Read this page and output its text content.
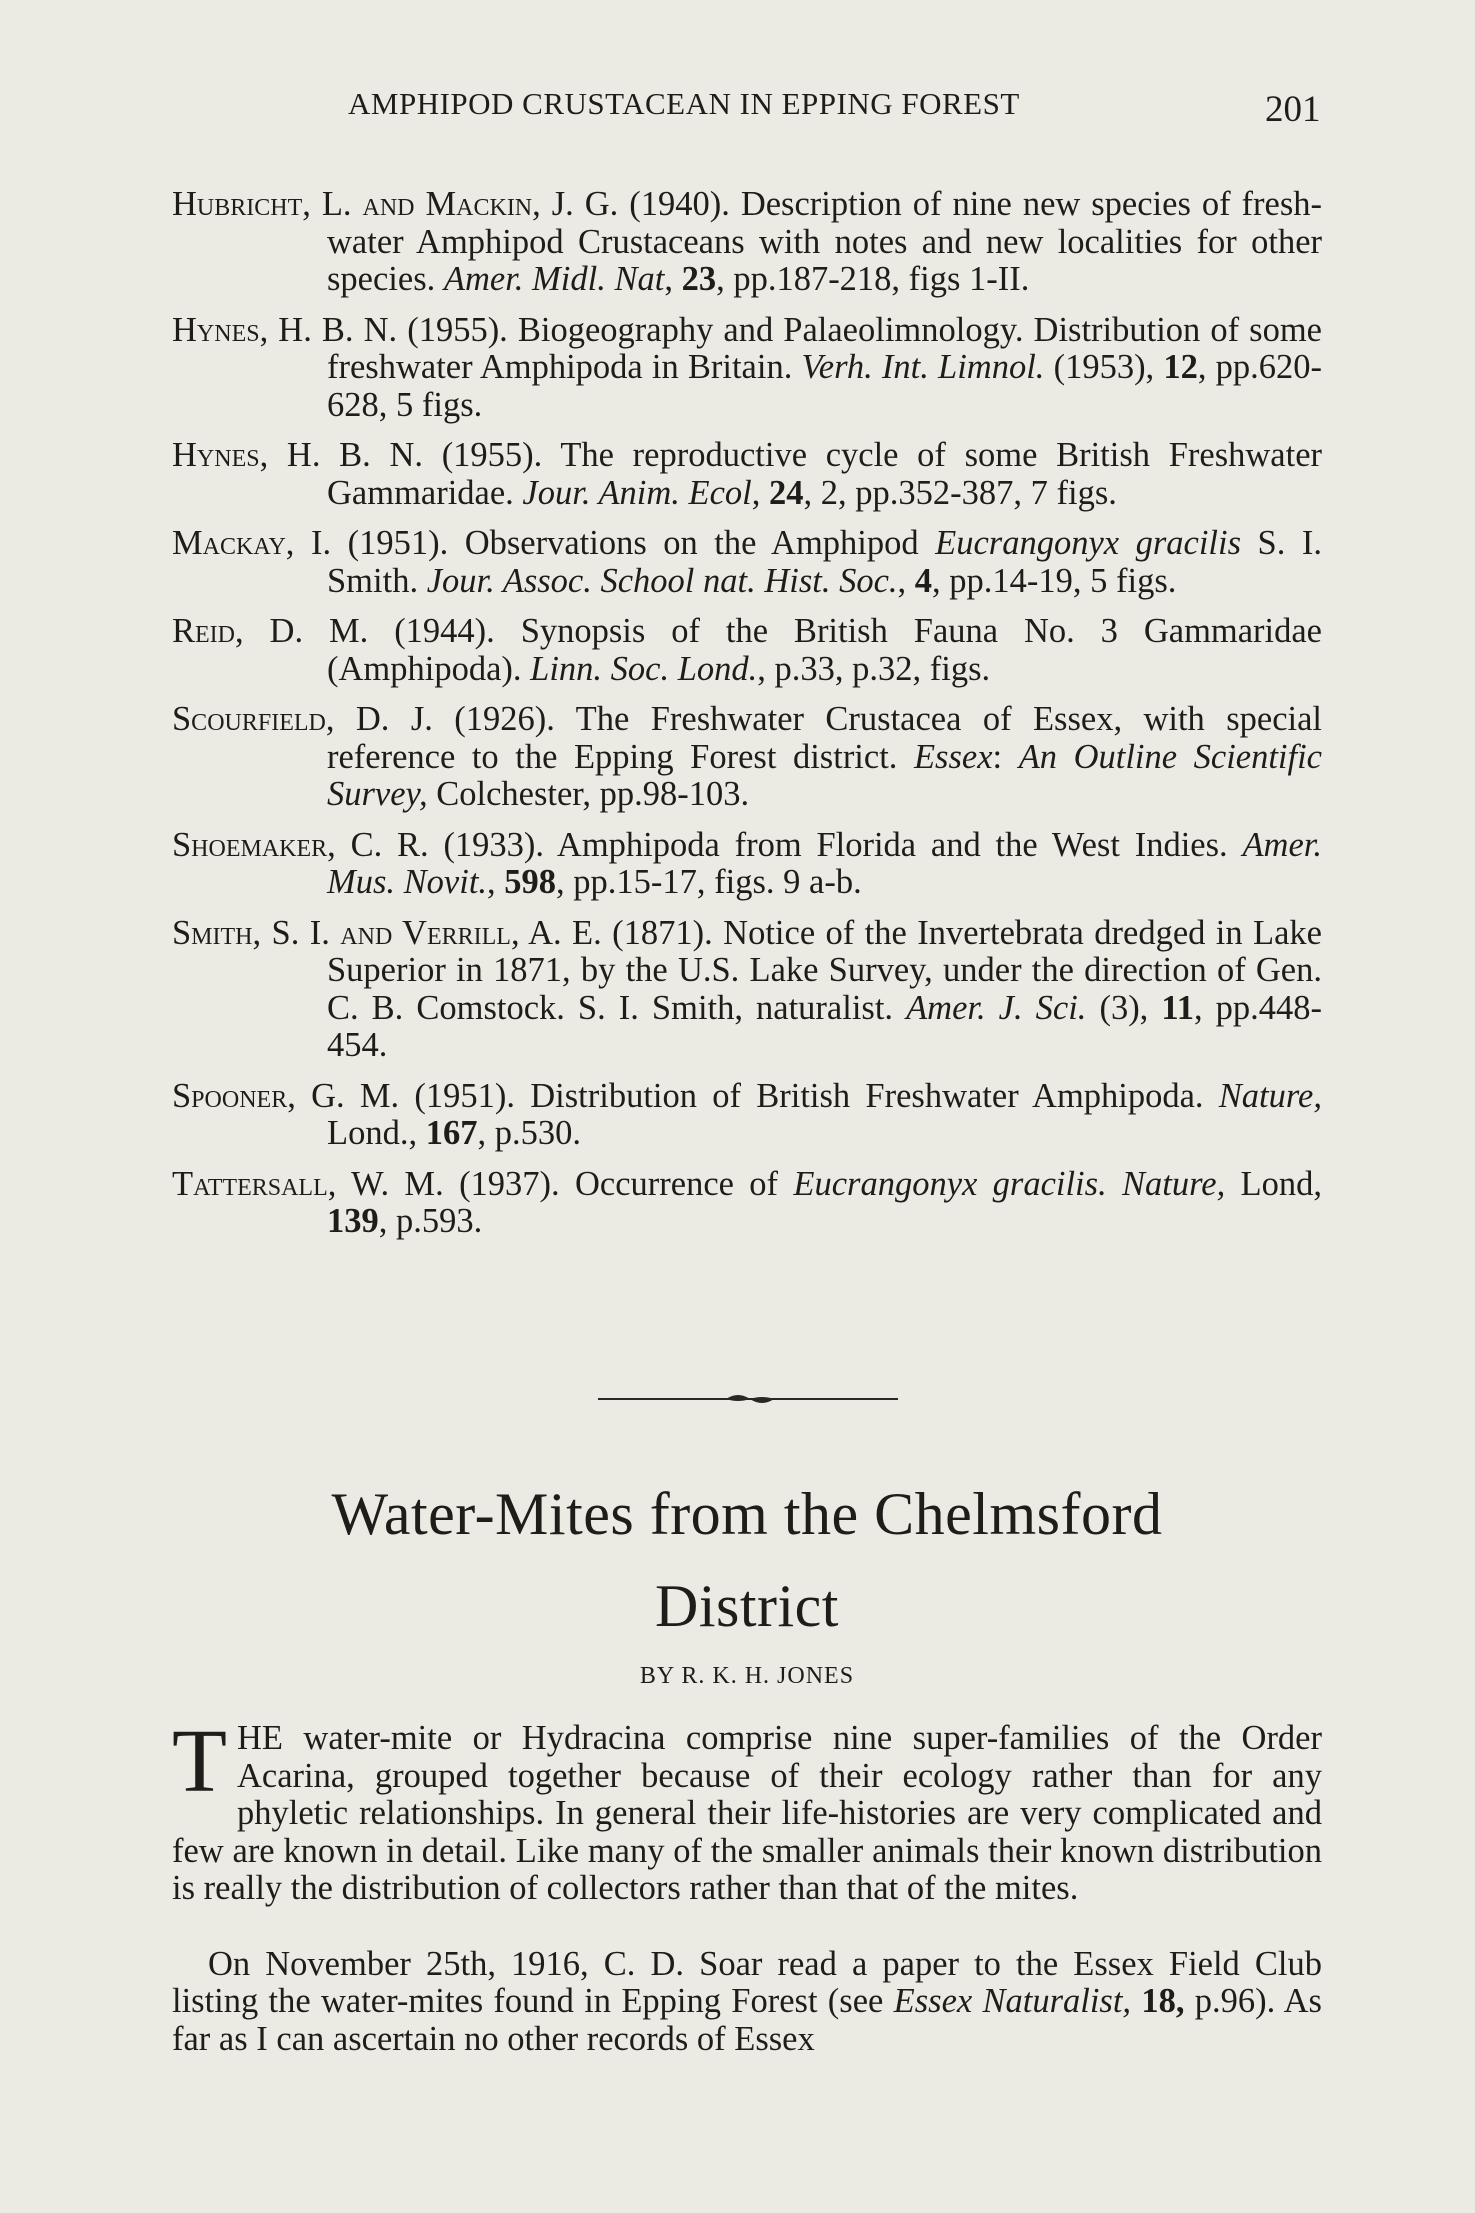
AMPHIPOD CRUSTACEAN IN EPPING FOREST	201
Hubricht, L. and Mackin, J. G. (1940). Description of nine new species of fresh-water Amphipod Crustaceans with notes and new localities for other species. Amer. Midl. Nat, 23, pp.187-218, figs 1-II.
Hynes, H. B. N. (1955). Biogeography and Palaeolimnology. Distribution of some freshwater Amphipoda in Britain. Verh. Int. Limnol. (1953), 12, pp.620-628, 5 figs.
Hynes, H. B. N. (1955). The reproductive cycle of some British Freshwater Gammaridae. Jour. Anim. Ecol, 24, 2, pp.352-387, 7 figs.
Mackay, I. (1951). Observations on the Amphipod Eucrangonyx gracilis S. I. Smith. Jour. Assoc. School nat. Hist. Soc., 4, pp.14-19, 5 figs.
Reid, D. M. (1944). Synopsis of the British Fauna No. 3 Gammaridae (Amphipoda). Linn. Soc. Lond., p.33, p.32, figs.
Scourfield, D. J. (1926). The Freshwater Crustacea of Essex, with special reference to the Epping Forest district. Essex: An Outline Scientific Survey, Colchester, pp.98-103.
Shoemaker, C. R. (1933). Amphipoda from Florida and the West Indies. Amer. Mus. Novit., 598, pp.15-17, figs. 9 a-b.
Smith, S. I. and Verrill, A. E. (1871). Notice of the Invertebrata dredged in Lake Superior in 1871, by the U.S. Lake Survey, under the direction of Gen. C. B. Comstock. S. I. Smith, naturalist. Amer. J. Sci. (3), 11, pp.448-454.
Spooner, G. M. (1951). Distribution of British Freshwater Amphipoda. Nature, Lond., 167, p.530.
Tattersall, W. M. (1937). Occurrence of Eucrangonyx gracilis. Nature, Lond, 139, p.593.
Water-Mites from the Chelmsford
District
BY R. K. H. JONES

THE water-mite or Hydracina comprise nine super-families of the Order Acarina, grouped together because of their ecology rather than for any phyletic relationships. In general their life-histories are very complicated and few are known in detail. Like many of the smaller animals their known distribution is really the distribution of collectors rather than that of the mites.

On November 25th, 1916, C. D. Soar read a paper to the Essex Field Club listing the water-mites found in Epping Forest (see Essex Naturalist, 18, p.96). As far as I can ascertain no other records of Essex
